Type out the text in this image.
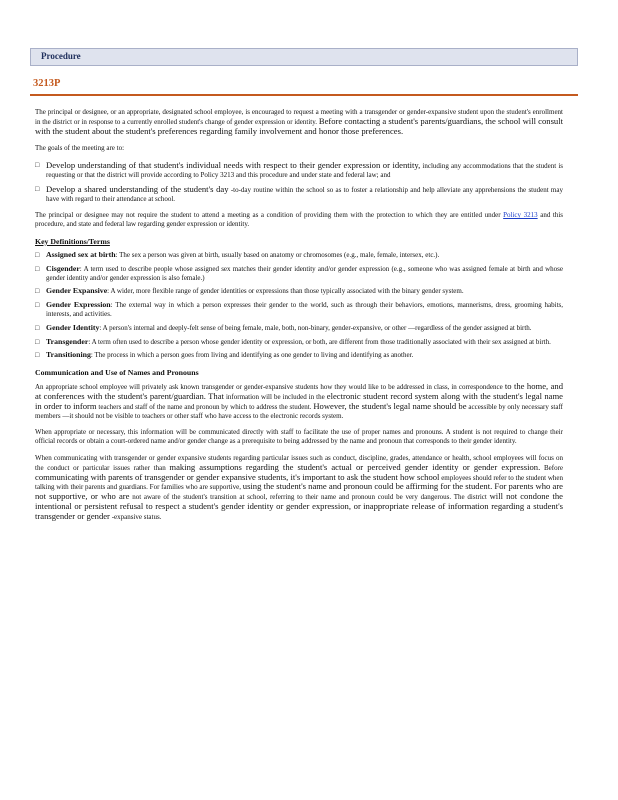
Procedure
3213P

The principal or designee, or an appropriate, designated school employee, is encouraged to request a meeting with a transgender or gender-expansive student upon the student's enrollment in the district or in response to a currently enrolled student's change of gender expression or identity. Before contacting a student's parents/guardians, the school will consult with the student about the student's preferences regarding family involvement and honor those preferences.

The goals of the meeting are to:

□ Develop understanding of that student's individual needs with respect to their gender expression or identity, including any accommodations that the student is requesting or that the district will provide according to Policy 3213 and this procedure and under state and federal law; and

□ Develop a shared understanding of the student's day -to-day routine within the school so as to foster a relationship and help alleviate any apprehensions the student may have with regard to their attendance at school.

The principal or designee may not require the student to attend a meeting as a condition of providing them with the protection to which they are entitled under Policy 3213 and this procedure, and state and federal law regarding gender expression or identity.

Key Definitions/Terms
□ Assigned sex at birth: The sex a person was given at birth, usually based on anatomy or chromosomes (e.g., male, female, intersex, etc.).

□ Cisgender: A term used to describe people whose assigned sex matches their gender identity and/or gender expression (e.g., someone who was assigned female at birth and whose gender identity and/or gender expression is also female.)

□ Gender Expansive: A wider, more flexible range of gender identities or expressions than those typically associated with the binary gender system.

□ Gender Expression: The external way in which a person expresses their gender to the world, such as through their behaviors, emotions, mannerisms, dress, grooming habits, interests, and activities.

□ Gender Identity: A person's internal and deeply-felt sense of being female, male, both, non-binary, gender-expansive, or other —regardless of the gender assigned at birth.

□ Transgender: A term often used to describe a person whose gender identity or expression, or both, are different from those traditionally associated with their sex assigned at birth.

□ Transitioning: The process in which a person goes from living and identifying as one gender to living and identifying as another.

Communication and Use of Names and Pronouns

An appropriate school employee will privately ask known transgender or gender-expansive students how they would like to be addressed in class, in correspondence to the home, and at conferences with the student's parent/guardian. That information will be included in the electronic student record system along with the student's legal name in order to inform teachers and staff of the name and pronoun by which to address the student. However, the student's legal name should be accessible by only necessary staff members —it should not be visible to teachers or other staff who have access to the electronic records system.

When appropriate or necessary, this information will be communicated directly with staff to facilitate the use of proper names and pronouns. A student is not required to change their official records or obtain a court-ordered name and/or gender change as a prerequisite to being addressed by the name and pronoun that corresponds to their gender identity.

When communicating with transgender or gender expansive students regarding particular issues such as conduct, discipline, grades, attendance or health, school employees will focus on the conduct or particular issues rather than making assumptions regarding the student's actual or perceived gender identity or gender expression. Before communicating with parents of transgender or gender expansive students, it's important to ask the student how school employees should refer to the student when talking with their parents and guardians. For families who are supportive, using the student's name and pronoun could be affirming for the student. For parents who are not supportive, or who are not aware of the student's transition at school, referring to their name and pronoun could be very dangerous. The district will not condone the intentional or persistent refusal to respect a student's gender identity or gender expression, or inappropriate release of information regarding a student's transgender or gender -expansive status.
